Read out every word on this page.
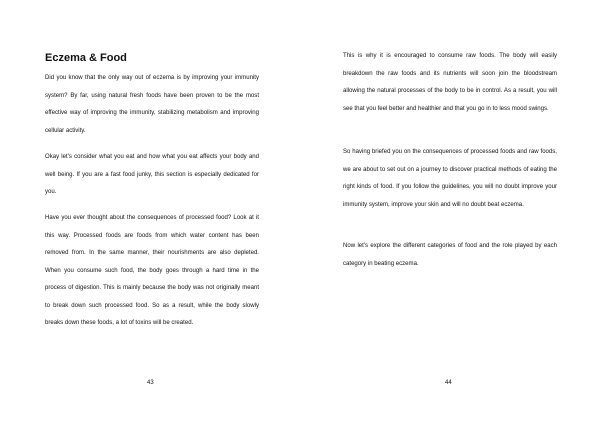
Eczema & Food

Did you know that the only way out of eczema is by improving your immunity system? By far, using natural fresh foods have been proven to be the most effective way of improving the immunity, stabilizing metabolism and improving cellular activity.

Okay let's consider what you eat and how what you eat affects your body and well being. If you are a fast food junky, this section is especially dedicated for you.

Have you ever thought about the consequences of processed food? Look at it this way. Processed foods are foods from which water content has been removed from. In the same manner, their nourishments are also depleted. When you consume such food, the body goes through a hard time in the process of digestion. This is mainly because the body was not originally meant to break down such processed food. So as a result, while the body slowly breaks down these foods, a lot of toxins will be created.

43

This is why it is encouraged to consume raw foods. The body will easily breakdown the raw foods and its nutrients will soon join the bloodstream allowing the natural processes of the body to be in control. As a result, you will see that you feel better and healthier and that you go in to less mood swings.

So having briefed you on the consequences of processed foods and raw foods, we are about to set out on a journey to discover practical methods of eating the right kinds of food. If you follow the guidelines, you will no doubt improve your immunity system, improve your skin and will no doubt beat eczema.

Now let's explore the different categories of food and the role played by each category in beating eczema.

44
